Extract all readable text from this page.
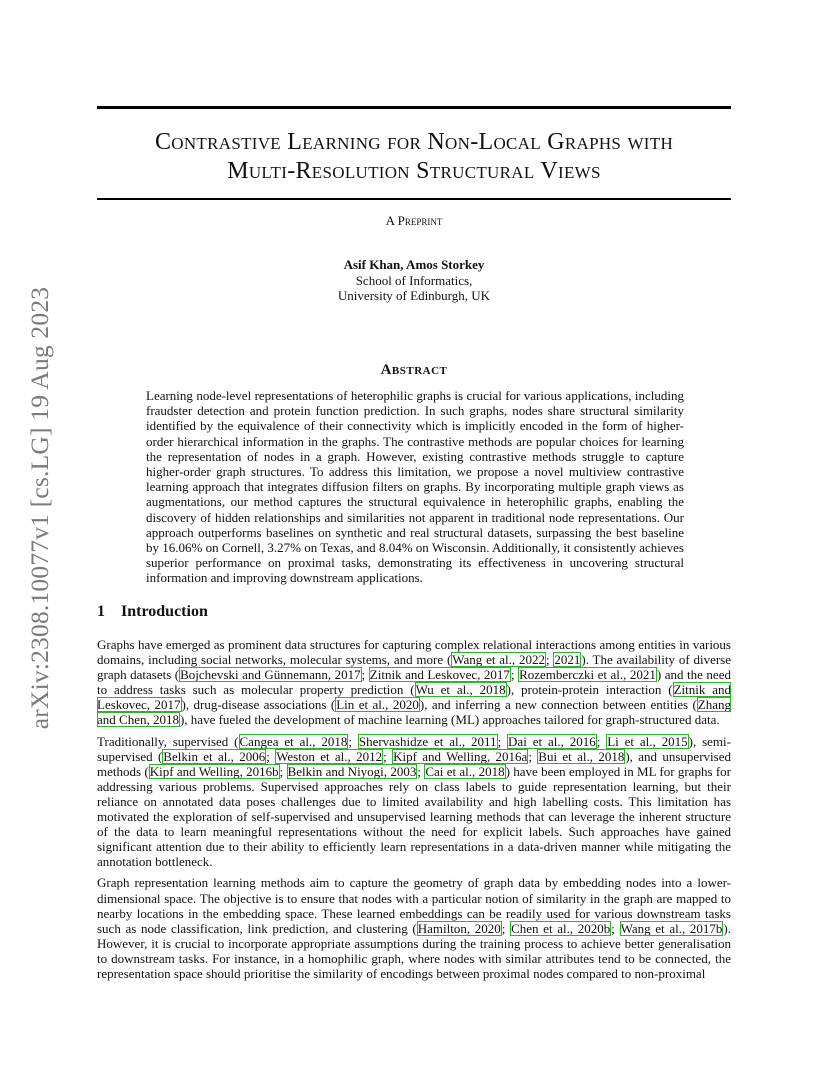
arXiv:2308.10077v1 [cs.LG] 19 Aug 2023
Contrastive Learning for Non-Local Graphs with
Multi-Resolution Structural Views
A Preprint
Asif Khan, Amos Storkey
School of Informatics,
University of Edinburgh, UK
Abstract
Learning node-level representations of heterophilic graphs is crucial for various applications, including fraudster detection and protein function prediction. In such graphs, nodes share structural similarity identified by the equivalence of their connectivity which is implicitly encoded in the form of higher-order hierarchical information in the graphs. The contrastive methods are popular choices for learning the representation of nodes in a graph. However, existing contrastive methods struggle to capture higher-order graph structures. To address this limitation, we propose a novel multiview contrastive learning approach that integrates diffusion filters on graphs. By incorporating multiple graph views as augmentations, our method captures the structural equivalence in heterophilic graphs, enabling the discovery of hidden relationships and similarities not apparent in traditional node representations. Our approach outperforms baselines on synthetic and real structural datasets, surpassing the best baseline by 16.06% on Cornell, 3.27% on Texas, and 8.04% on Wisconsin. Additionally, it consistently achieves superior performance on proximal tasks, demonstrating its effectiveness in uncovering structural information and improving downstream applications.
1 Introduction

Graphs have emerged as prominent data structures for capturing complex relational interactions among entities in various domains, including social networks, molecular systems, and more (Wang et al., 2022; 2021). The availability of diverse graph datasets (Bojchevski and Günnemann, 2017; Zitnik and Leskovec, 2017; Rozemberczki et al., 2021) and the need to address tasks such as molecular property prediction (Wu et al., 2018), protein-protein interaction (Zitnik and Leskovec, 2017), drug-disease associations (Lin et al., 2020), and inferring a new connection between entities (Zhang and Chen, 2018), have fueled the development of machine learning (ML) approaches tailored for graph-structured data.

Traditionally, supervised (Cangea et al., 2018; Shervashidze et al., 2011; Dai et al., 2016; Li et al., 2015), semi-supervised (Belkin et al., 2006; Weston et al., 2012; Kipf and Welling, 2016a; Bui et al., 2018), and unsupervised methods (Kipf and Welling, 2016b; Belkin and Niyogi, 2003; Cai et al., 2018) have been employed in ML for graphs for addressing various problems. Supervised approaches rely on class labels to guide representation learning, but their reliance on annotated data poses challenges due to limited availability and high labelling costs. This limitation has motivated the exploration of self-supervised and unsupervised learning methods that can leverage the inherent structure of the data to learn meaningful representations without the need for explicit labels. Such approaches have gained significant attention due to their ability to efficiently learn representations in a data-driven manner while mitigating the annotation bottleneck.

Graph representation learning methods aim to capture the geometry of graph data by embedding nodes into a lower-dimensional space. The objective is to ensure that nodes with a particular notion of similarity in the graph are mapped to nearby locations in the embedding space. These learned embeddings can be readily used for various downstream tasks such as node classification, link prediction, and clustering (Hamilton, 2020; Chen et al., 2020b; Wang et al., 2017b). However, it is crucial to incorporate appropriate assumptions during the training process to achieve better generalisation to downstream tasks. For instance, in a homophilic graph, where nodes with similar attributes tend to be connected, the representation space should prioritise the similarity of encodings between proximal nodes compared to non-proximal
